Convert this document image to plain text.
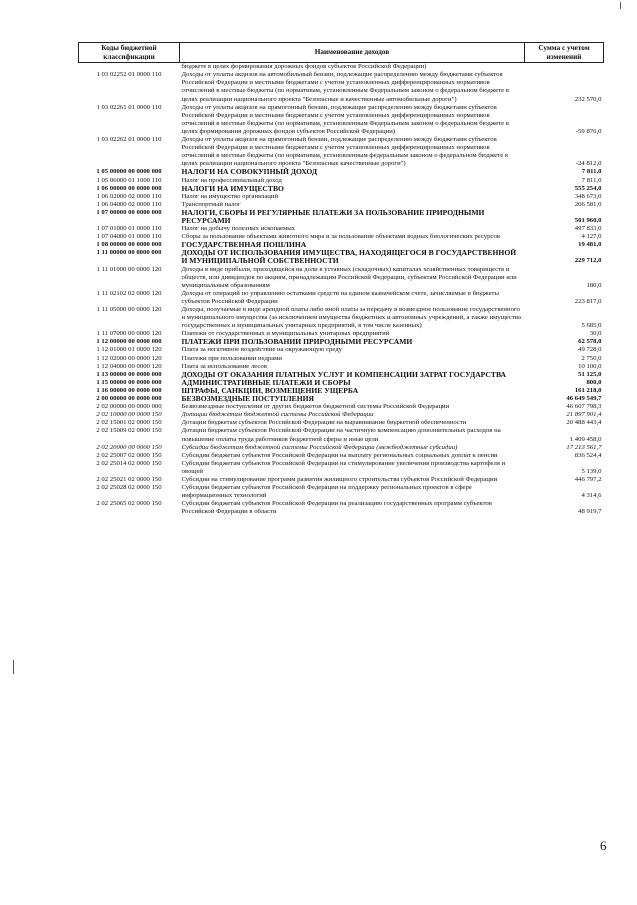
Коды бюджетной классификации	Наименование доходов	Сумма с учетом изменений
	бюджете в целях формирования дорожных фондов субъектов Российской Федерации)	
1 03 02252 01 0000 110	Доходы от уплаты акцизов на автомобильный бензин, подлежащие распределению между бюджетами субъектов Российской Федерации и местными бюджетами с учетом установленных дифференцированных нормативов отчислений в местные бюджеты (по нормативам, установленным Федеральным законом о федеральном бюджете в целях реализации национального проекта "Безопасные и качественные автомобильные дороги")	232 570,0
1 03 02261 01 0000 110	Доходы от уплаты акцизов на прямогонный бензин, подлежащие распределению между бюджетами субъектов Российской Федерации и местными бюджетами с учетом установленных дифференцированных нормативов отчислений в местные бюджеты (по нормативам, установленным Федеральным законом о федеральном бюджете в целях формирования дорожных фондов субъектов Российской Федерации)	-59 876,0
1 03 02262 01 0000 110	Доходы от уплаты акцизов на прямогонный бензин, подлежащие распределению между бюджетами субъектов Российской Федерации и местными бюджетами с учетом установленных дифференцированных нормативов отчислений в местные бюджеты (по нормативам, установленным федеральным законом о федеральном бюджете в целях реализации национального проекта "Безопасные качественные дороги")	-24 812,0
1 05 00000 00 0000 000	НАЛОГИ НА СОВОКУПНЫЙ ДОХОД	7 811,0
1 05 06000 01 1000 110	Налог на профессиональный доход	7 811,0
1 06 00000 00 0000 000	НАЛОГИ НА ИМУЩЕСТВО	555 254,0
1 06 02000 02 0000 110	Налог на имущество организаций	348 673,0
1 06 04000 02 0000 110	Транспортный налог	206 581,0
1 07 00000 00 0000 000	НАЛОГИ, СБОРЫ И РЕГУЛЯРНЫЕ ПЛАТЕЖИ ЗА ПОЛЬЗОВАНИЕ ПРИРОДНЫМИ РЕСУРСАМИ	501 960,0
1 07 01000 01 0000 110	Налог на добычу полезных ископаемых	497 833,0
1 07 04000 01 0000 110	Сборы за пользование объектами животного мира и за пользование объектами водных биологических ресурсов	4 127,0
1 08 00000 00 0000 000	ГОСУДАРСТВЕННАЯ ПОШЛИНА	19 481,0
1 11 00000 00 0000 000	ДОХОДЫ ОТ ИСПОЛЬЗОВАНИЯ ИМУЩЕСТВА, НАХОДЯЩЕГОСЯ В ГОСУДАРСТВЕННОЙ И МУНИЦИПАЛЬНОЙ СОБСТВЕННОСТИ	229 712,0
1 11 01000 00 0000 120	Доходы в виде прибыли, приходящейся на доли в уставных (складочных) капиталах хозяйственных товариществ и обществ, или дивидендов по акциям, принадлежащим Российской Федерации, субъектам Российской Федерации или муниципальным образованиям	180,0
1 11 02102 02 0000 120	Доходы от операций по управлению остатками средств на едином казначейском счете, зачисляемые в бюджеты субъектов Российской Федерации	223 817,0
1 11 05000 00 0000 120	Доходы, получаемые в виде арендной платы либо иной платы за передачу в возмездное пользование государственного и муниципального имущества (за исключением имущества бюджетных и автономных учреждений, а также имущества государственных и муниципальных унитарных предприятий, в том числе казенных)	5 685,0
1 11 07000 00 0000 120	Платежи от государственных и муниципальных унитарных предприятий	30,0
1 12 00000 00 0000 000	ПЛАТЕЖИ ПРИ ПОЛЬЗОВАНИИ ПРИРОДНЫМИ РЕСУРСАМИ	62 578,0
1 12 01000 01 0000 120	Плата за негативное воздействие на окружающую среду	49 728,0
1 12 02000 00 0000 120	Платежи при пользовании недрами	2 750,0
1 12 04000 00 0000 120	Плата за использование лесов	10 100,0
1 13 00000 00 0000 000	ДОХОДЫ ОТ ОКАЗАНИЯ ПЛАТНЫХ УСЛУГ И КОМПЕНСАЦИИ ЗАТРАТ ГОСУДАРСТВА	51 125,0
1 15 00000 00 0000 000	АДМИНИСТРАТИВНЫЕ ПЛАТЕЖИ И СБОРЫ	800,0
1 16 00000 00 0000 000	ШТРАФЫ, САНКЦИИ, ВОЗМЕЩЕНИЕ УЩЕРБА	161 218,0
2 00 00000 00 0000 000	БЕЗВОЗМЕЗДНЫЕ ПОСТУПЛЕНИЯ	46 649 549,7
2 02 00000 00 0000 000	Безвозмездные поступления от других бюджетов бюджетной системы Российской Федерации	46 607 798,3
2 02 10000 00 0000 150	Дотации бюджетам бюджетной системы Российской Федерации	21 897 901,4
2 02 15001 02 0000 150	Дотации бюджетам субъектов Российской Федерации на выравнивание бюджетной обеспеченности	20 488 443,4
2 02 15009 02 0000 150	Дотации бюджетам субъектов Российской Федерации на частичную компенсацию дополнительных расходов на повышение оплаты труда работников бюджетной сферы и иные цели	1 409 458,0
2 02 20000 00 0000 150	Субсидии бюджетам бюджетной системы Российской Федерации (межбюджетные субсидии)	17 213 561,7
2 02 25007 02 0000 150	Субсидии бюджетам субъектов Российской Федерации на выплату региональных социальных доплат к пенсии	836 524,4
2 02 25014 02 0000 150	Субсидии бюджетам субъектов Российской Федерации на стимулирование увеличения производства картофеля и овощей	5 139,0
2 02 25021 02 0000 150	Субсидии на стимулирование программ развития жилищного строительства субъектов Российской Федерации	446 797,2
2 02 25028 02 0000 150	Субсидии бюджетам субъектов Российской Федерации на поддержку региональных проектов в сфере информационных технологий	4 314,6
2 02 25065 02 0000 150	Субсидии бюджетам субъектов Российской Федерации на реализацию государственных программ субъектов Российской Федерации в области	48 919,7
6
